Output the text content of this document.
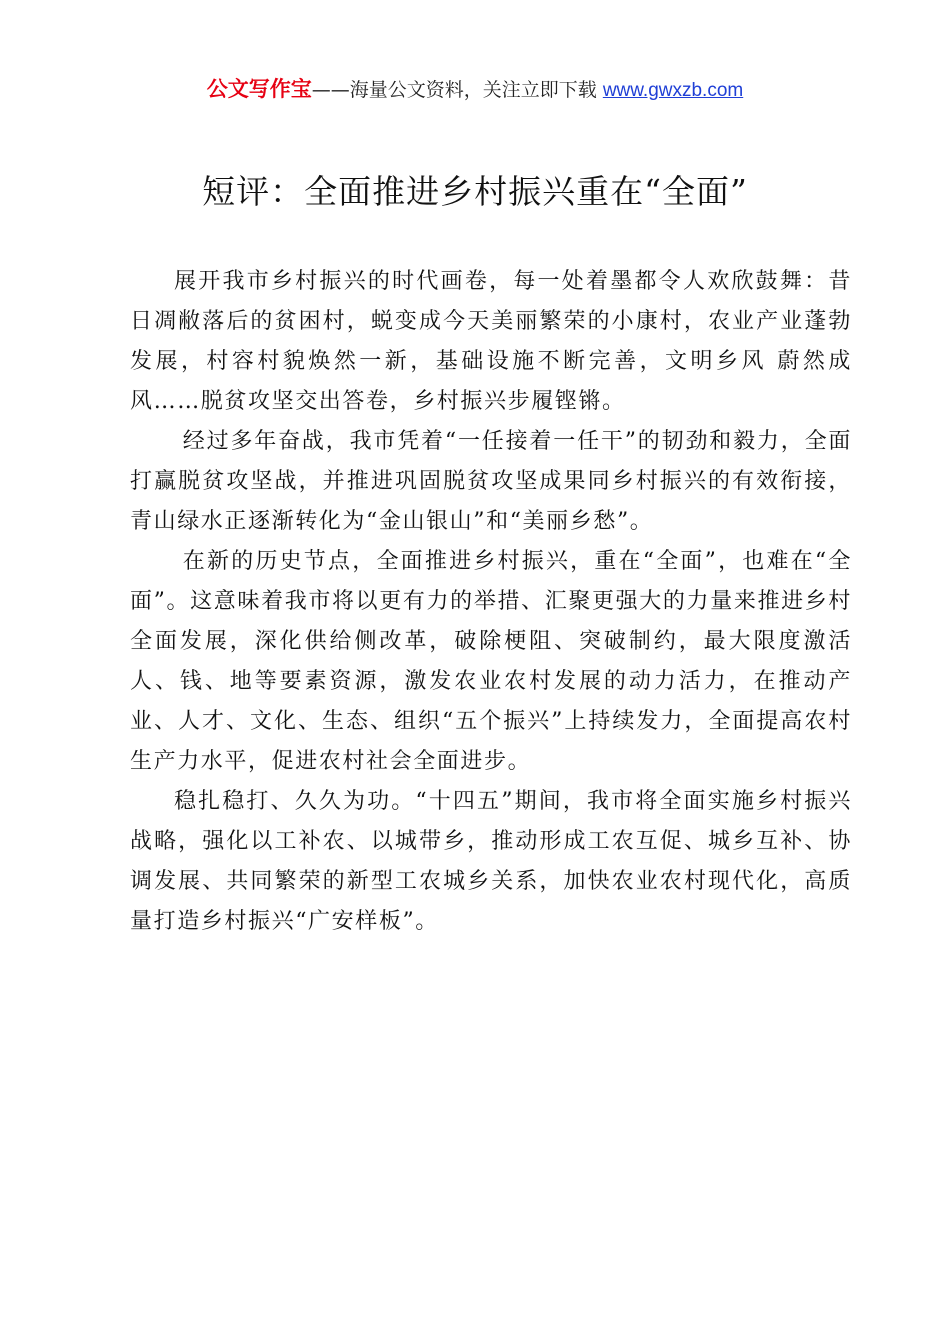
公文写作宝——海量公文资料，关注立即下载 www.gwxzb.com
短评：全面推进乡村振兴重在“全面”

展开我市乡村振兴的时代画卷，每一处着墨都令人欢欣鼓舞：昔日凋敝落后的贫困村，蜕变成今天美丽繁荣的小康村，农业产业蓬勃发展，村容村貌焕然一新，基础设施不断完善，文明乡风 蔚然成风……脱贫攻坚交出答卷，乡村振兴步履铿锵。

经过多年奋战，我市凭着“一任接着一任干”的韧劲和毅力，全面打赢脱贫攻坚战，并推进巩固脱贫攻坚成果同乡村振兴的有效衔接，青山绿水正逐渐转化为“金山银山”和“美丽乡愁”。

在新的历史节点，全面推进乡村振兴，重在“全面”，也难在“全面”。这意味着我市将以更有力的举措、汇聚更强大的力量来推进乡村全面发展，深化供给侧改革，破除梗阻、突破制约，最大限度激活人、钱、地等要素资源，激发农业农村发展的动力活力，在推动产业、人才、文化、生态、组织“五个振兴”上持续发力，全面提高农村生产力水平，促进农村社会全面进步。

稳扎稳打、久久为功。“十四五”期间，我市将全面实施乡村振兴战略，强化以工补农、以城带乡，推动形成工农互促、城乡互补、协调发展、共同繁荣的新型工农城乡关系，加快农业农村现代化，高质量打造乡村振兴“广安样板”。
